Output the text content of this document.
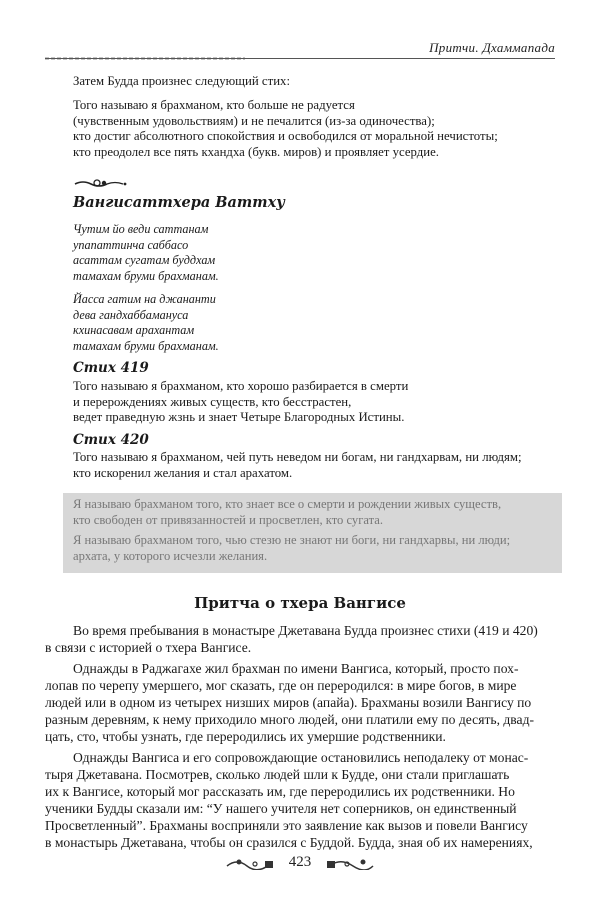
Притчи. Дхаммапада
Затем Будда произнес следующий стих:
Того называю я брахманом, кто больше не радуется
(чувственным удовольствиям) и не печалится (из-за одиночества);
кто достиг абсолютного спокойствия и освободился от моральной нечистоты;
кто преодолел все пять кхандха (букв. миров) и проявляет усердие.
Вангисаттхера Ваттху
Чутим йо веди саттанам
упапаттинча саббасо
асаттам сугатам буддхам
тамахам бруми брахманам.
Йасса гатим на джананти
дева гандхаббамануса
кхинасавам арахантам
тамахам бруми брахманам.
Стих 419
Того называю я брахманом, кто хорошо разбирается в смерти
и перерождениях живых существ, кто бесстрастен,
ведет праведную жзнь и знает Четыре Благородных Истины.
Стих 420
Того называю я брахманом, чей путь неведом ни богам, ни гандхарвам, ни людям;
кто искоренил желания и стал арахатом.
Я называю брахманом того, кто знает все о смерти и рождении живых существ,
кто свободен от привязанностей и просветлен, кто сугата.
Я называю брахманом того, чью стезю не знают ни боги, ни гандхарвы, ни люди;
архата, у которого исчезли желания.
Притча о тхера Вангисе
Во время пребывания в монастыре Джетавана Будда произнес стихи (419 и 420)
в связи с историей о тхера Вангисе.
Однажды в Раджагахе жил брахман по имени Вангиса, который, просто пох-
лопав по черепу умершего, мог сказать, где он переродился: в мире богов, в мире
людей или в одном из четырех низших миров (апайа). Брахманы возили Вангису по
разным деревням, к нему приходило много людей, они платили ему по десять, двад-
цать, сто, чтобы узнать, где переродились их умершие родственники.
Однажды Вангиса и его сопровождающие остановились неподалеку от монас-
тыря Джетавана. Посмотрев, сколько людей шли к Будде, они стали приглашать
их к Вангисе, который мог рассказать им, где переродились их родственники. Но
ученики Будды сказали им: “У нашего учителя нет соперников, он единственный
Просветленный”. Брахманы восприняли это заявление как вызов и повели Вангису
в монастырь Джетавана, чтобы он сразился с Буддой. Будда, зная об их намерениях,
423
